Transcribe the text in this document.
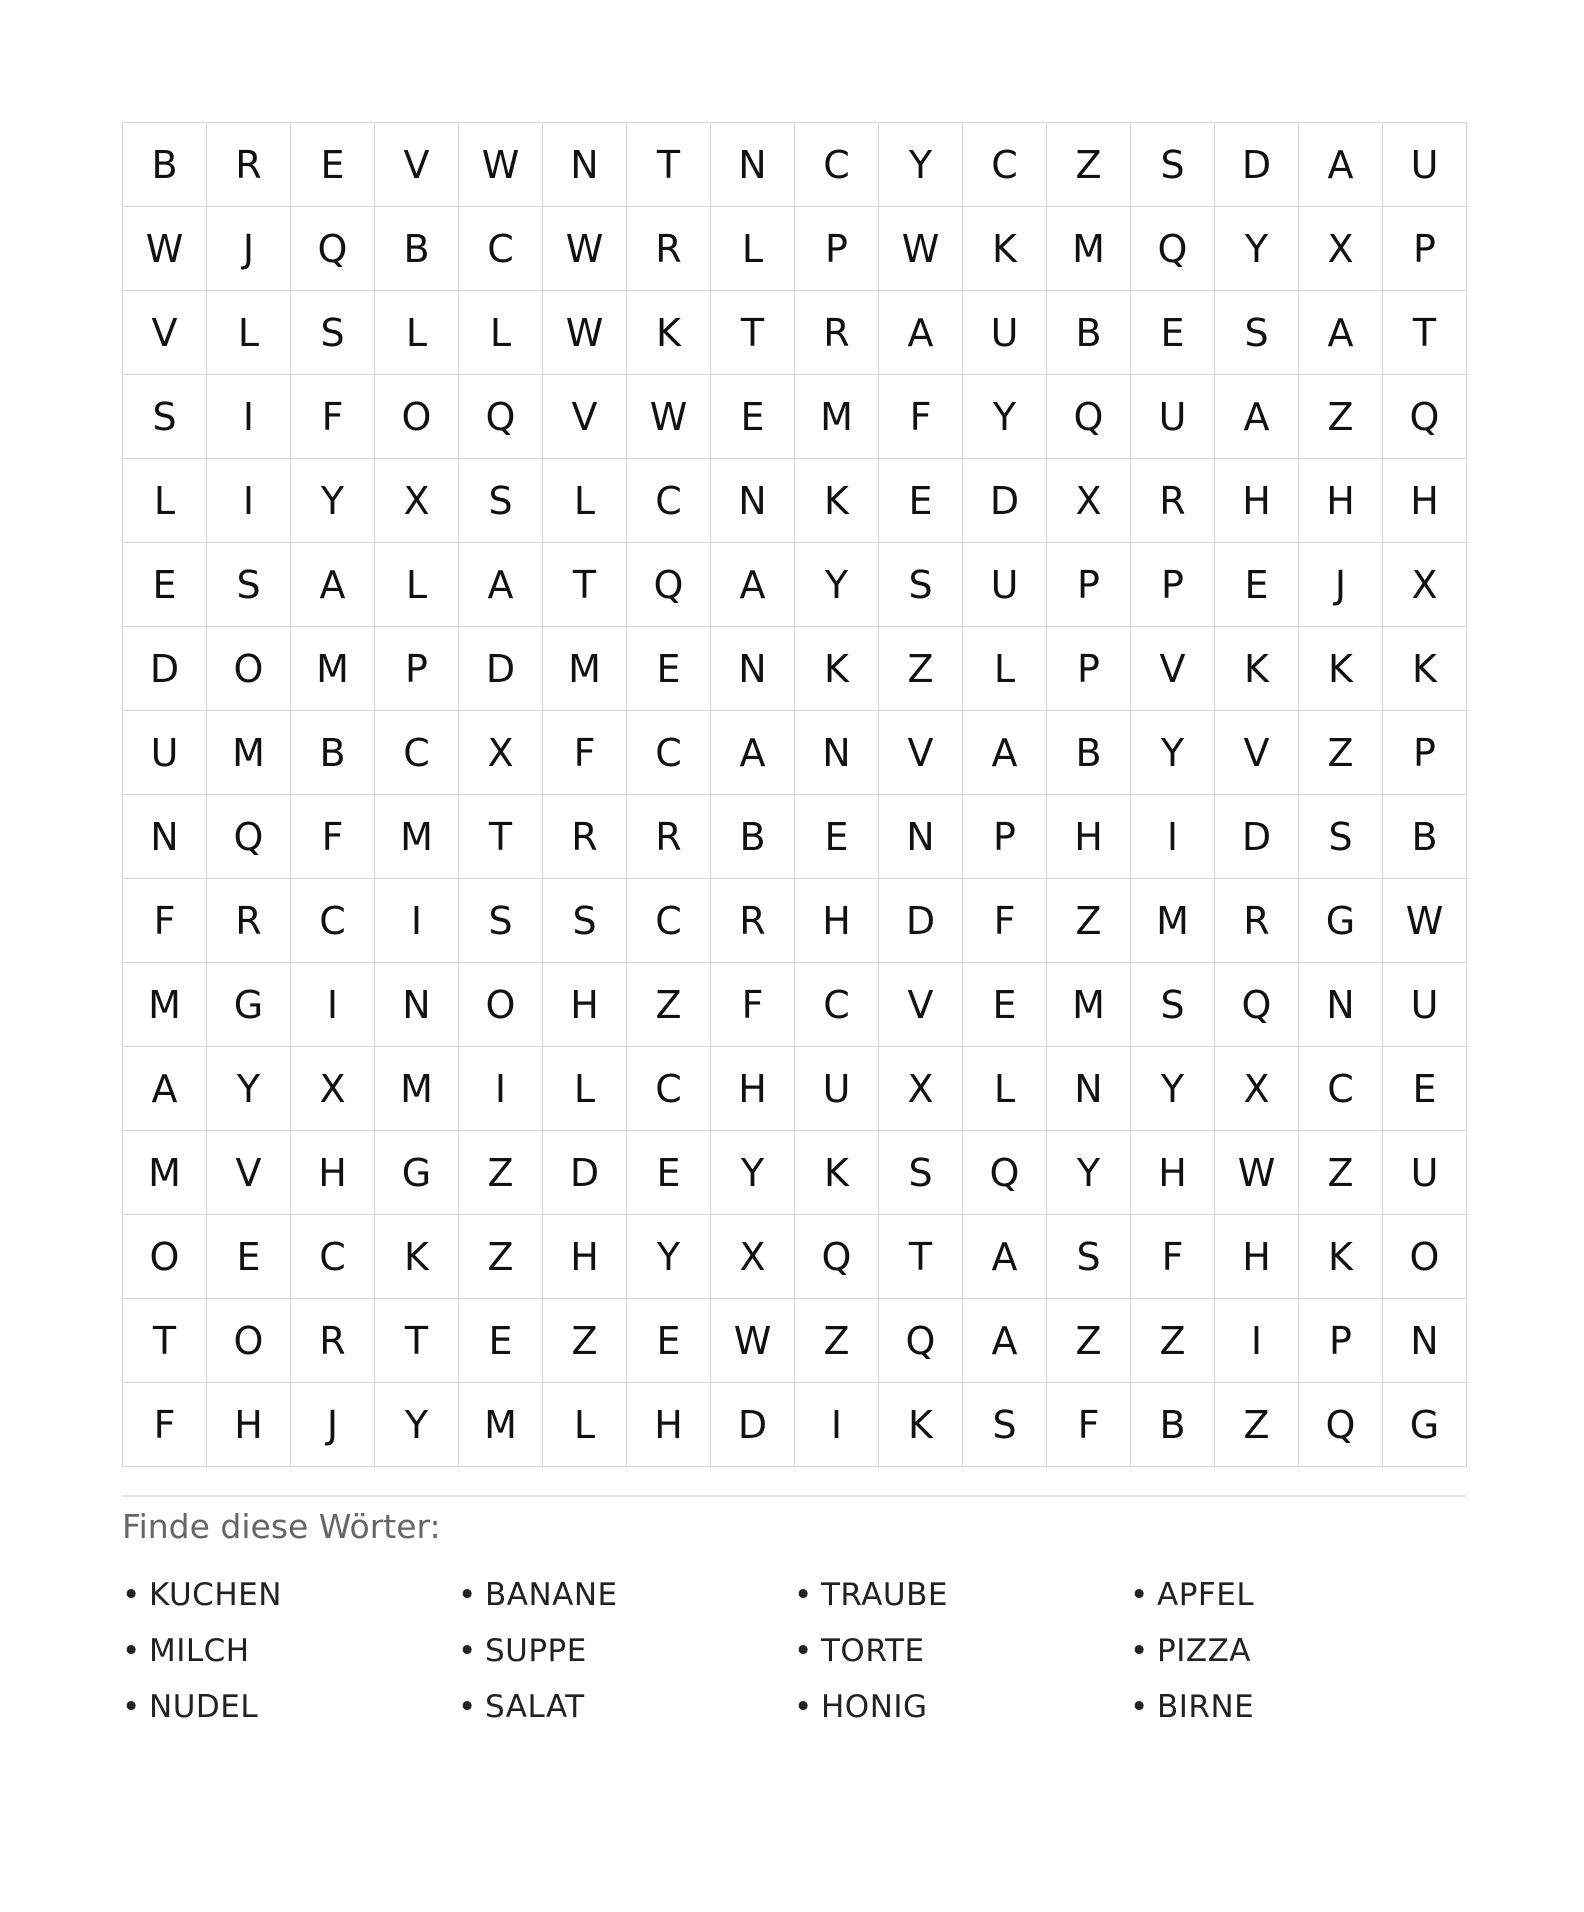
B	R	E	V	W	N	T	N	C	Y	C	Z	S	D	A	U
W	J	Q	B	C	W	R	L	P	W	K	M	Q	Y	X	P
V	L	S	L	L	W	K	T	R	A	U	B	E	S	A	T
S	I	F	O	Q	V	W	E	M	F	Y	Q	U	A	Z	Q
L	I	Y	X	S	L	C	N	K	E	D	X	R	H	H	H
E	S	A	L	A	T	Q	A	Y	S	U	P	P	E	J	X
D	O	M	P	D	M	E	N	K	Z	L	P	V	K	K	K
U	M	B	C	X	F	C	A	N	V	A	B	Y	V	Z	P
N	Q	F	M	T	R	R	B	E	N	P	H	I	D	S	B
F	R	C	I	S	S	C	R	H	D	F	Z	M	R	G	W
M	G	I	N	O	H	Z	F	C	V	E	M	S	Q	N	U
A	Y	X	M	I	L	C	H	U	X	L	N	Y	X	C	E
M	V	H	G	Z	D	E	Y	K	S	Q	Y	H	W	Z	U
O	E	C	K	Z	H	Y	X	Q	T	A	S	F	H	K	O
T	O	R	T	E	Z	E	W	Z	Q	A	Z	Z	I	P	N
F	H	J	Y	M	L	H	D	I	K	S	F	B	Z	Q	G
Finde diese Wörter:
• KUCHEN	• BANANE	• TRAUBE	• APFEL
• MILCH	• SUPPE	• TORTE	• PIZZA
• NUDEL	• SALAT	• HONIG	• BIRNE
